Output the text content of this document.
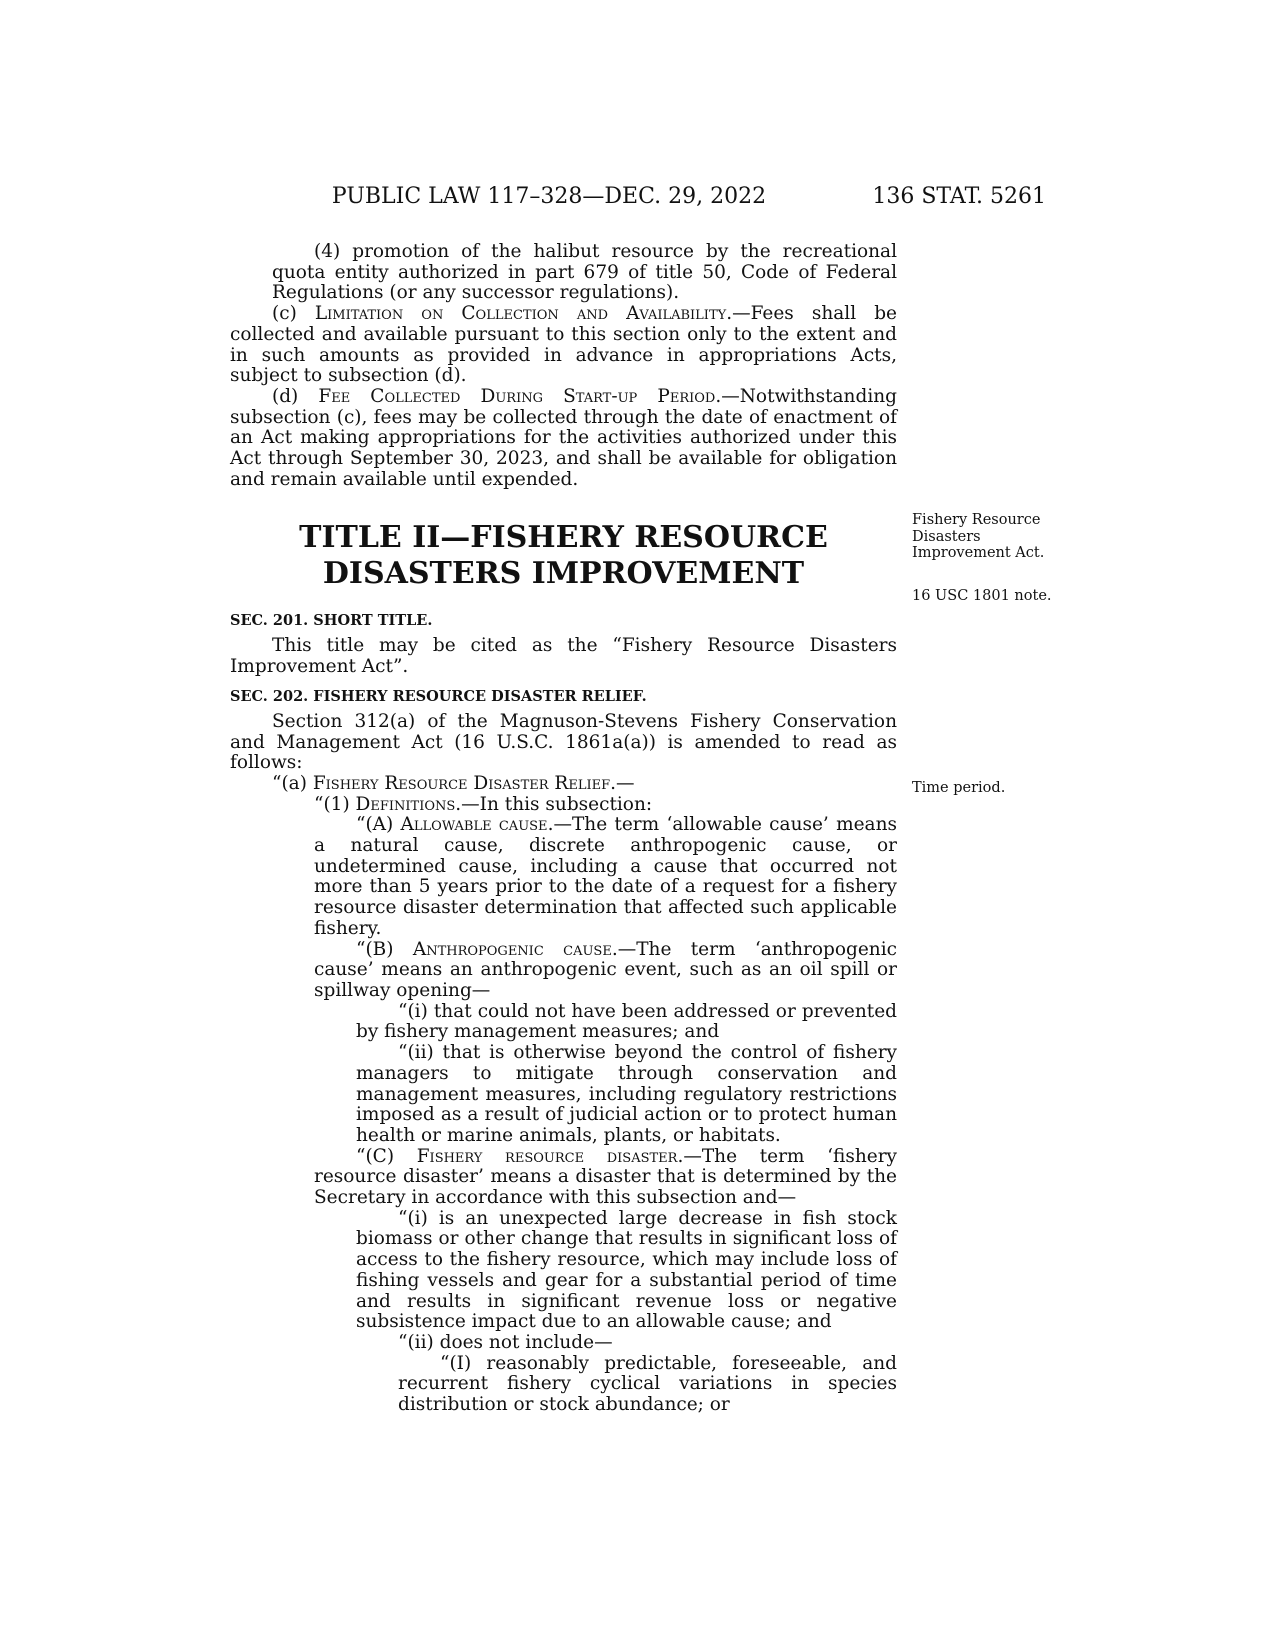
PUBLIC LAW 117–328—DEC. 29, 2022	136 STAT. 5261

(4) promotion of the halibut resource by the recreational quota entity authorized in part 679 of title 50, Code of Federal Regulations (or any successor regulations).

(c) Limitation on Collection and Availability.—Fees shall be collected and available pursuant to this section only to the extent and in such amounts as provided in advance in appropriations Acts, subject to subsection (d).

(d) Fee Collected During Start-up Period.—Notwithstanding subsection (c), fees may be collected through the date of enactment of an Act making appropriations for the activities authorized under this Act through September 30, 2023, and shall be available for obligation and remain available until expended.

TITLE II—FISHERY RESOURCE
DISASTERS IMPROVEMENT

SEC. 201. SHORT TITLE.

This title may be cited as the “Fishery Resource Disasters Improvement Act”.

SEC. 202. FISHERY RESOURCE DISASTER RELIEF.

Section 312(a) of the Magnuson-Stevens Fishery Conservation and Management Act (16 U.S.C. 1861a(a)) is amended to read as follows:

“(a) Fishery Resource Disaster Relief.—

“(1) Definitions.—In this subsection:

“(A) Allowable cause.—The term ‘allowable cause’ means a natural cause, discrete anthropogenic cause, or undetermined cause, including a cause that occurred not more than 5 years prior to the date of a request for a fishery resource disaster determination that affected such applicable fishery.

“(B) Anthropogenic cause.—The term ‘anthropogenic cause’ means an anthropogenic event, such as an oil spill or spillway opening—

“(i) that could not have been addressed or prevented by fishery management measures; and

“(ii) that is otherwise beyond the control of fishery managers to mitigate through conservation and management measures, including regulatory restrictions imposed as a result of judicial action or to protect human health or marine animals, plants, or habitats.

“(C) Fishery resource disaster.—The term ‘fishery resource disaster’ means a disaster that is determined by the Secretary in accordance with this subsection and—

“(i) is an unexpected large decrease in fish stock biomass or other change that results in significant loss of access to the fishery resource, which may include loss of fishing vessels and gear for a substantial period of time and results in significant revenue loss or negative subsistence impact due to an allowable cause; and

“(ii) does not include—

“(I) reasonably predictable, foreseeable, and recurrent fishery cyclical variations in species distribution or stock abundance; or

Fishery Resource Disasters Improvement Act.
16 USC 1801 note.
Time period.
